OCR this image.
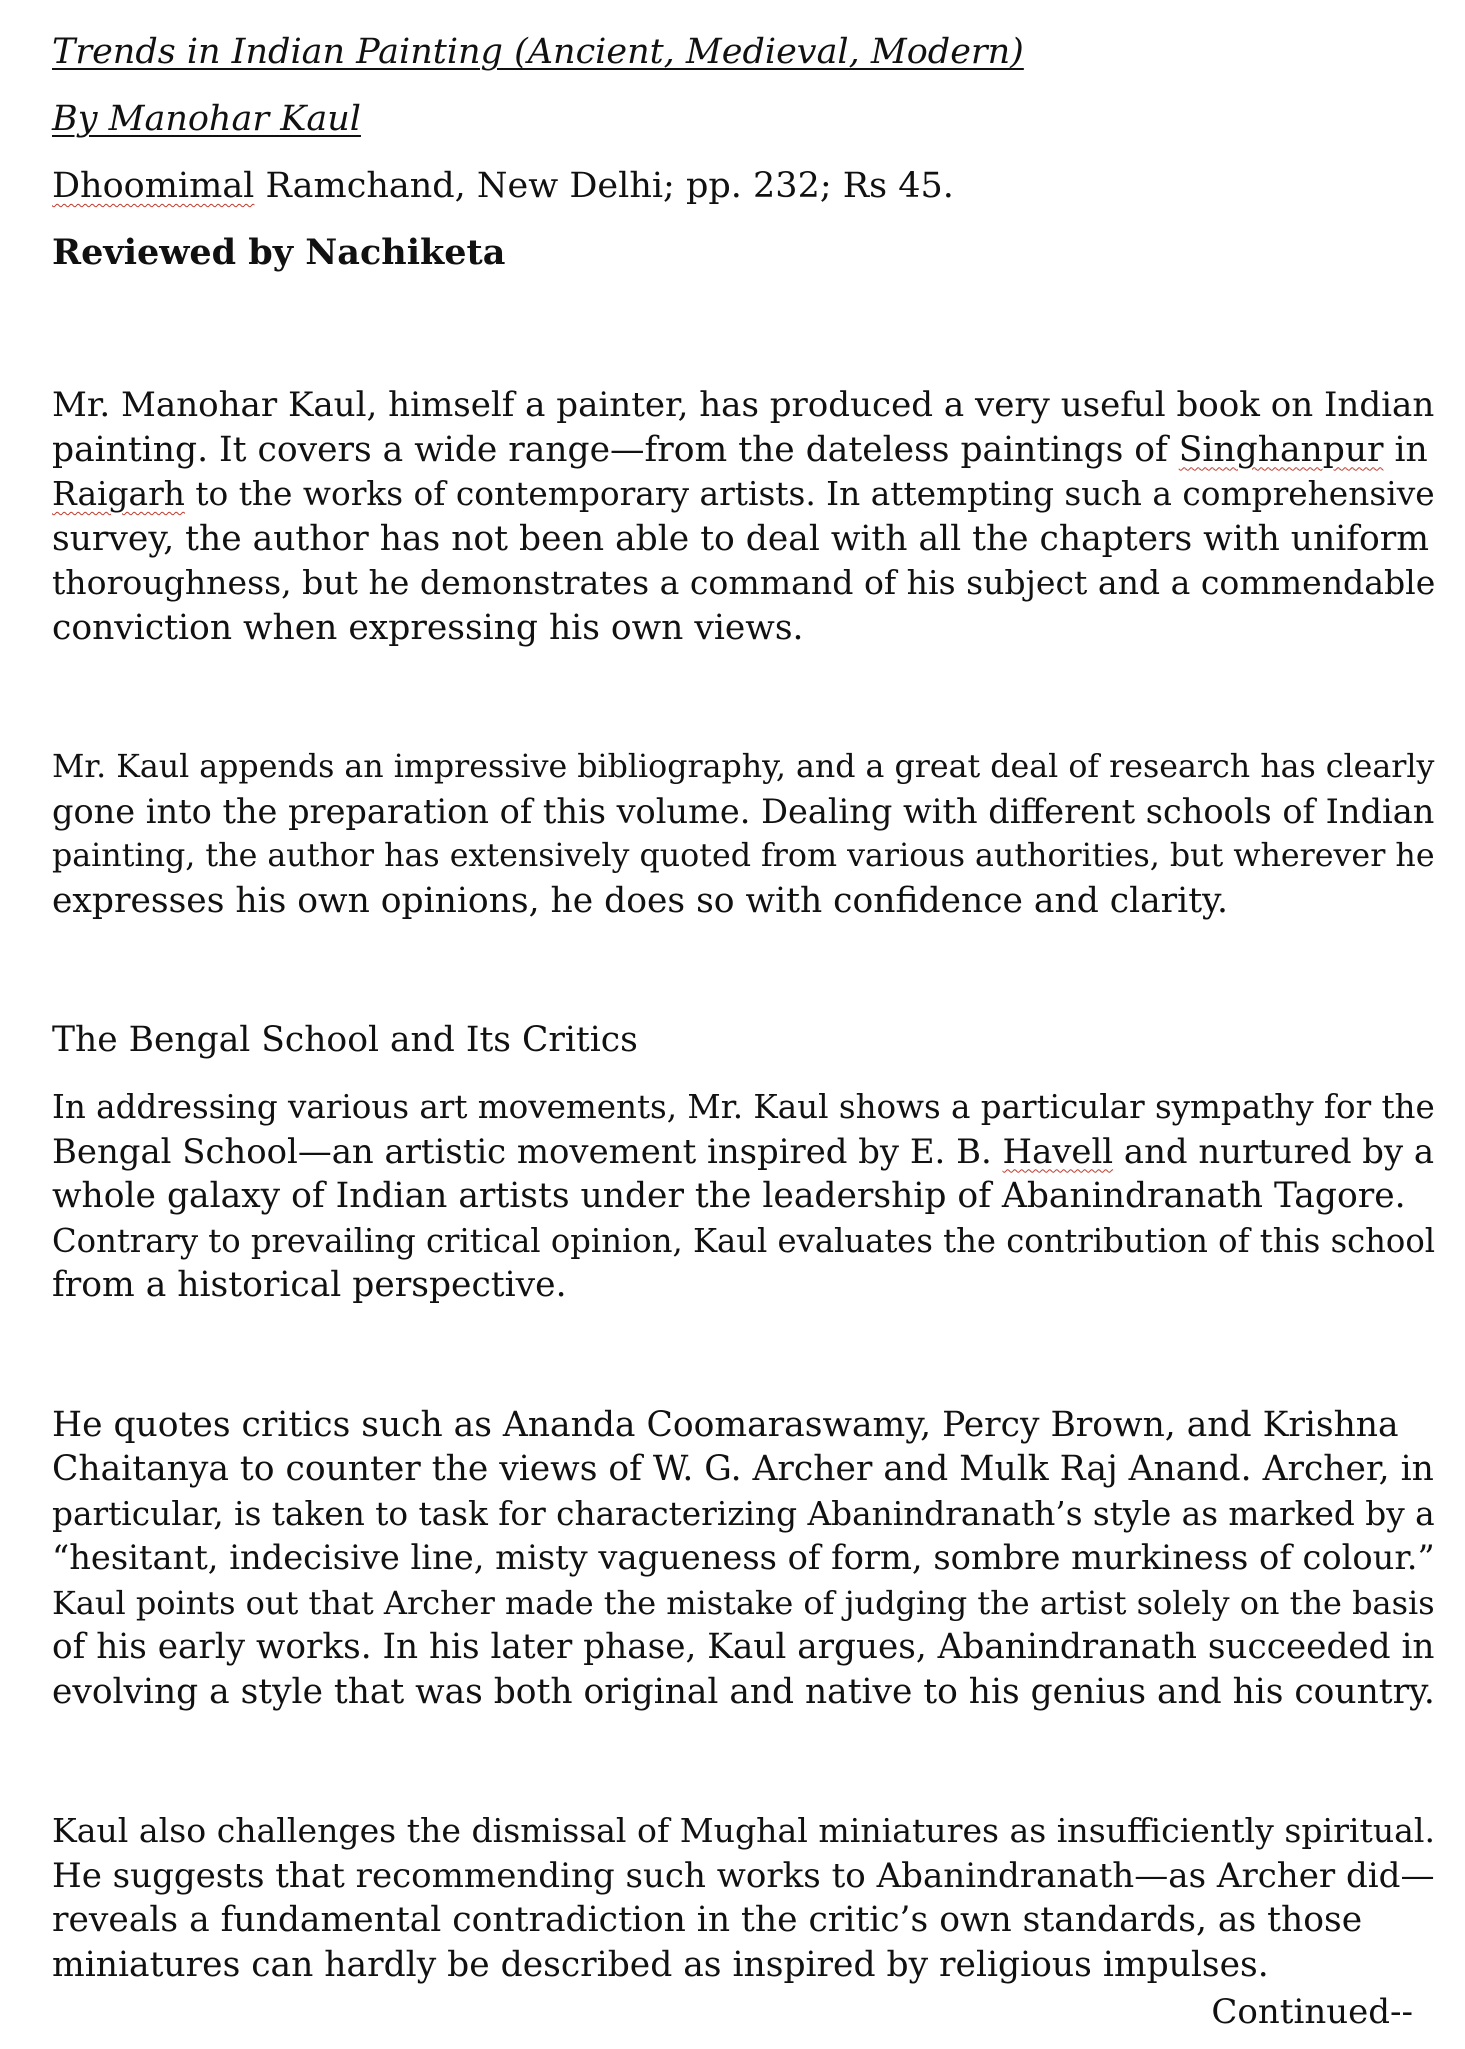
Trends in Indian Painting (Ancient, Medieval, Modern)

By Manohar Kaul

Dhoomimal Ramchand, New Delhi; pp. 232; Rs 45.

Reviewed by Nachiketa

Mr. Manohar Kaul, himself a painter, has produced a very useful book on Indian
painting. It covers a wide range—from the dateless paintings of Singhanpur in
Raigarh to the works of contemporary artists. In attempting such a comprehensive
survey, the author has not been able to deal with all the chapters with uniform
thoroughness, but he demonstrates a command of his subject and a commendable
conviction when expressing his own views.

Mr. Kaul appends an impressive bibliography, and a great deal of research has clearly
gone into the preparation of this volume. Dealing with different schools of Indian
painting, the author has extensively quoted from various authorities, but wherever he
expresses his own opinions, he does so with confidence and clarity.

The Bengal School and Its Critics

In addressing various art movements, Mr. Kaul shows a particular sympathy for the
Bengal School—an artistic movement inspired by E. B. Havell and nurtured by a
whole galaxy of Indian artists under the leadership of Abanindranath Tagore.
Contrary to prevailing critical opinion, Kaul evaluates the contribution of this school
from a historical perspective.

He quotes critics such as Ananda Coomaraswamy, Percy Brown, and Krishna
Chaitanya to counter the views of W. G. Archer and Mulk Raj Anand. Archer, in
particular, is taken to task for characterizing Abanindranath’s style as marked by a
“hesitant, indecisive line, misty vagueness of form, sombre murkiness of colour.”
Kaul points out that Archer made the mistake of judging the artist solely on the basis
of his early works. In his later phase, Kaul argues, Abanindranath succeeded in
evolving a style that was both original and native to his genius and his country.

Kaul also challenges the dismissal of Mughal miniatures as insufficiently spiritual.
He suggests that recommending such works to Abanindranath—as Archer did—
reveals a fundamental contradiction in the critic’s own standards, as those
miniatures can hardly be described as inspired by religious impulses.

Continued--
